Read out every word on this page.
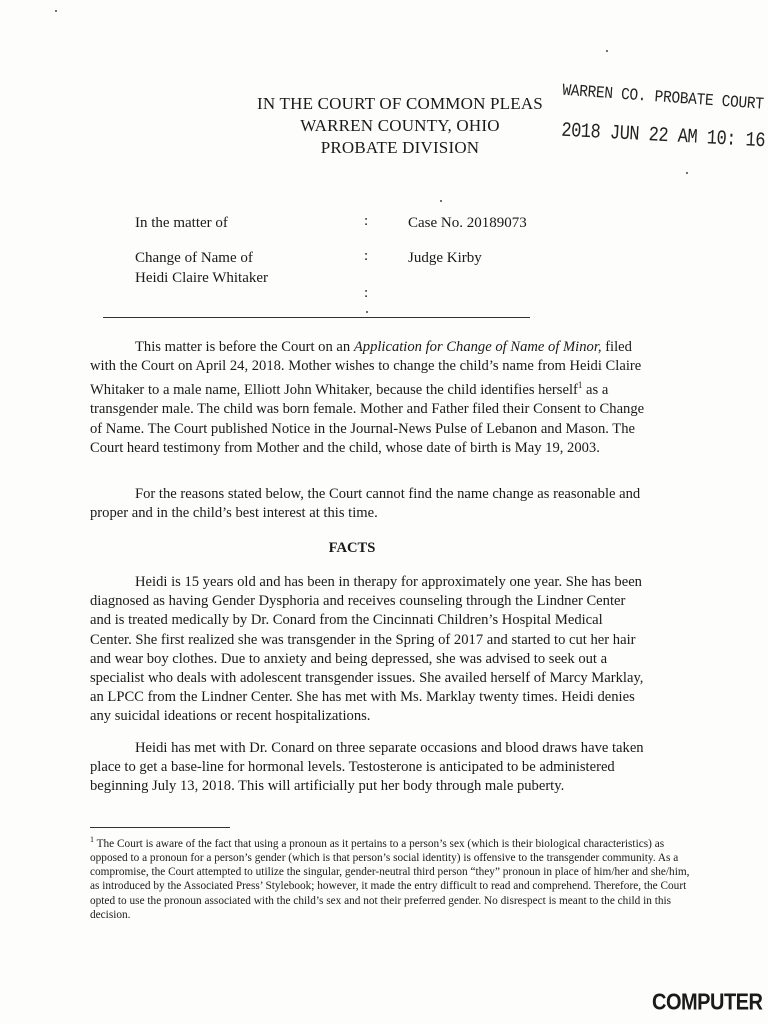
IN THE COURT OF COMMON PLEAS
WARREN COUNTY, OHIO
PROBATE DIVISION
WARREN CO. PROBATE COURT
2018 JUN 22 AM 10: 16
In the matter of
Change of Name of
Heidi Claire Whitaker
:
:
:
Case No. 20189073
Judge Kirby
This matter is before the Court on an Application for Change of Name of Minor, filed with the Court on April 24, 2018. Mother wishes to change the child’s name from Heidi Claire Whitaker to a male name, Elliott John Whitaker, because the child identifies herself$^1$ as a transgender male. The child was born female. Mother and Father filed their Consent to Change of Name. The Court published Notice in the Journal-News Pulse of Lebanon and Mason. The Court heard testimony from Mother and the child, whose date of birth is May 19, 2003.
For the reasons stated below, the Court cannot find the name change as reasonable and proper and in the child’s best interest at this time.
FACTS
Heidi is 15 years old and has been in therapy for approximately one year. She has been diagnosed as having Gender Dysphoria and receives counseling through the Lindner Center and is treated medically by Dr. Conard from the Cincinnati Children’s Hospital Medical Center. She first realized she was transgender in the Spring of 2017 and started to cut her hair and wear boy clothes. Due to anxiety and being depressed, she was advised to seek out a specialist who deals with adolescent transgender issues. She availed herself of Marcy Marklay, an LPCC from the Lindner Center. She has met with Ms. Marklay twenty times. Heidi denies any suicidal ideations or recent hospitalizations.
Heidi has met with Dr. Conard on three separate occasions and blood draws have taken place to get a base-line for hormonal levels. Testosterone is anticipated to be administered beginning July 13, 2018. This will artificially put her body through male puberty.
$^1$ The Court is aware of the fact that using a pronoun as it pertains to a person’s sex (which is their biological characteristics) as opposed to a pronoun for a person’s gender (which is that person’s social identity) is offensive to the transgender community. As a compromise, the Court attempted to utilize the singular, gender-neutral third person “they” pronoun in place of him/her and she/him, as introduced by the Associated Press’ Stylebook; however, it made the entry difficult to read and comprehend. Therefore, the Court opted to use the pronoun associated with the child’s sex and not their preferred gender. No disrespect is meant to the child in this decision.
COMPUTER
